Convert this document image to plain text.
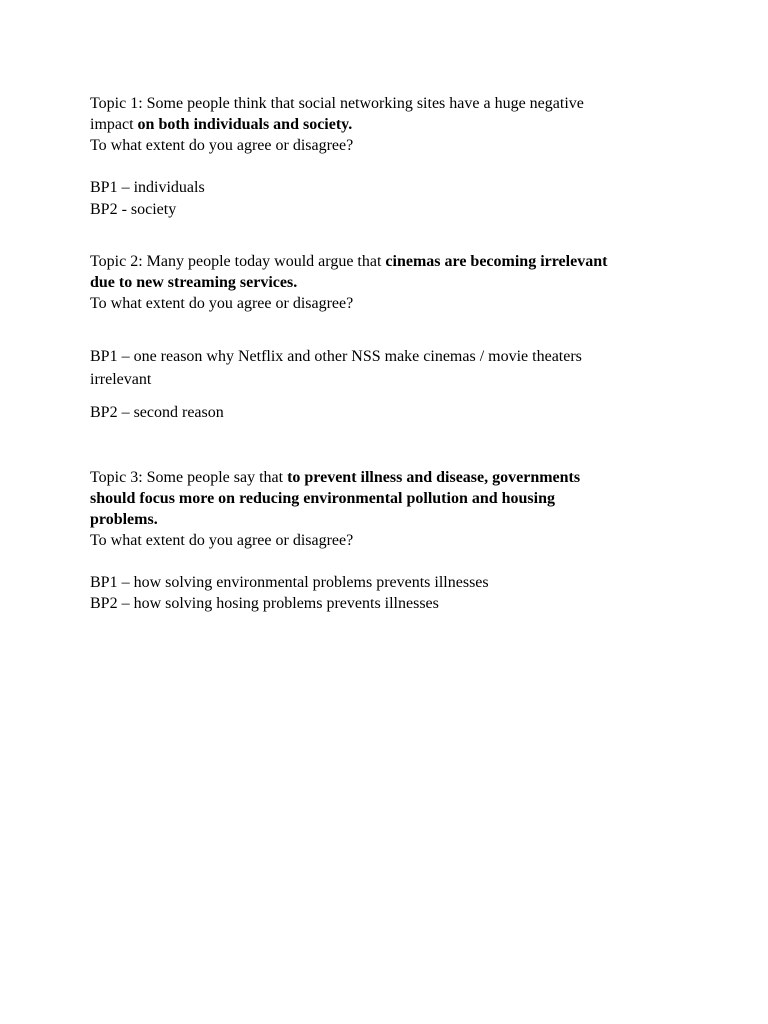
Topic 1: Some people think that social networking sites have a huge negative
impact on both individuals and society.
To what extent do you agree or disagree?
BP1 – individuals
BP2 - society
Topic 2: Many people today would argue that cinemas are becoming irrelevant
due to new streaming services.
To what extent do you agree or disagree?
BP1 – one reason why Netflix and other NSS make cinemas / movie theaters
irrelevant
BP2 – second reason
Topic 3: Some people say that to prevent illness and disease, governments
should focus more on reducing environmental pollution and housing
problems.
To what extent do you agree or disagree?
BP1 – how solving environmental problems prevents illnesses
BP2 – how solving hosing problems prevents illnesses
